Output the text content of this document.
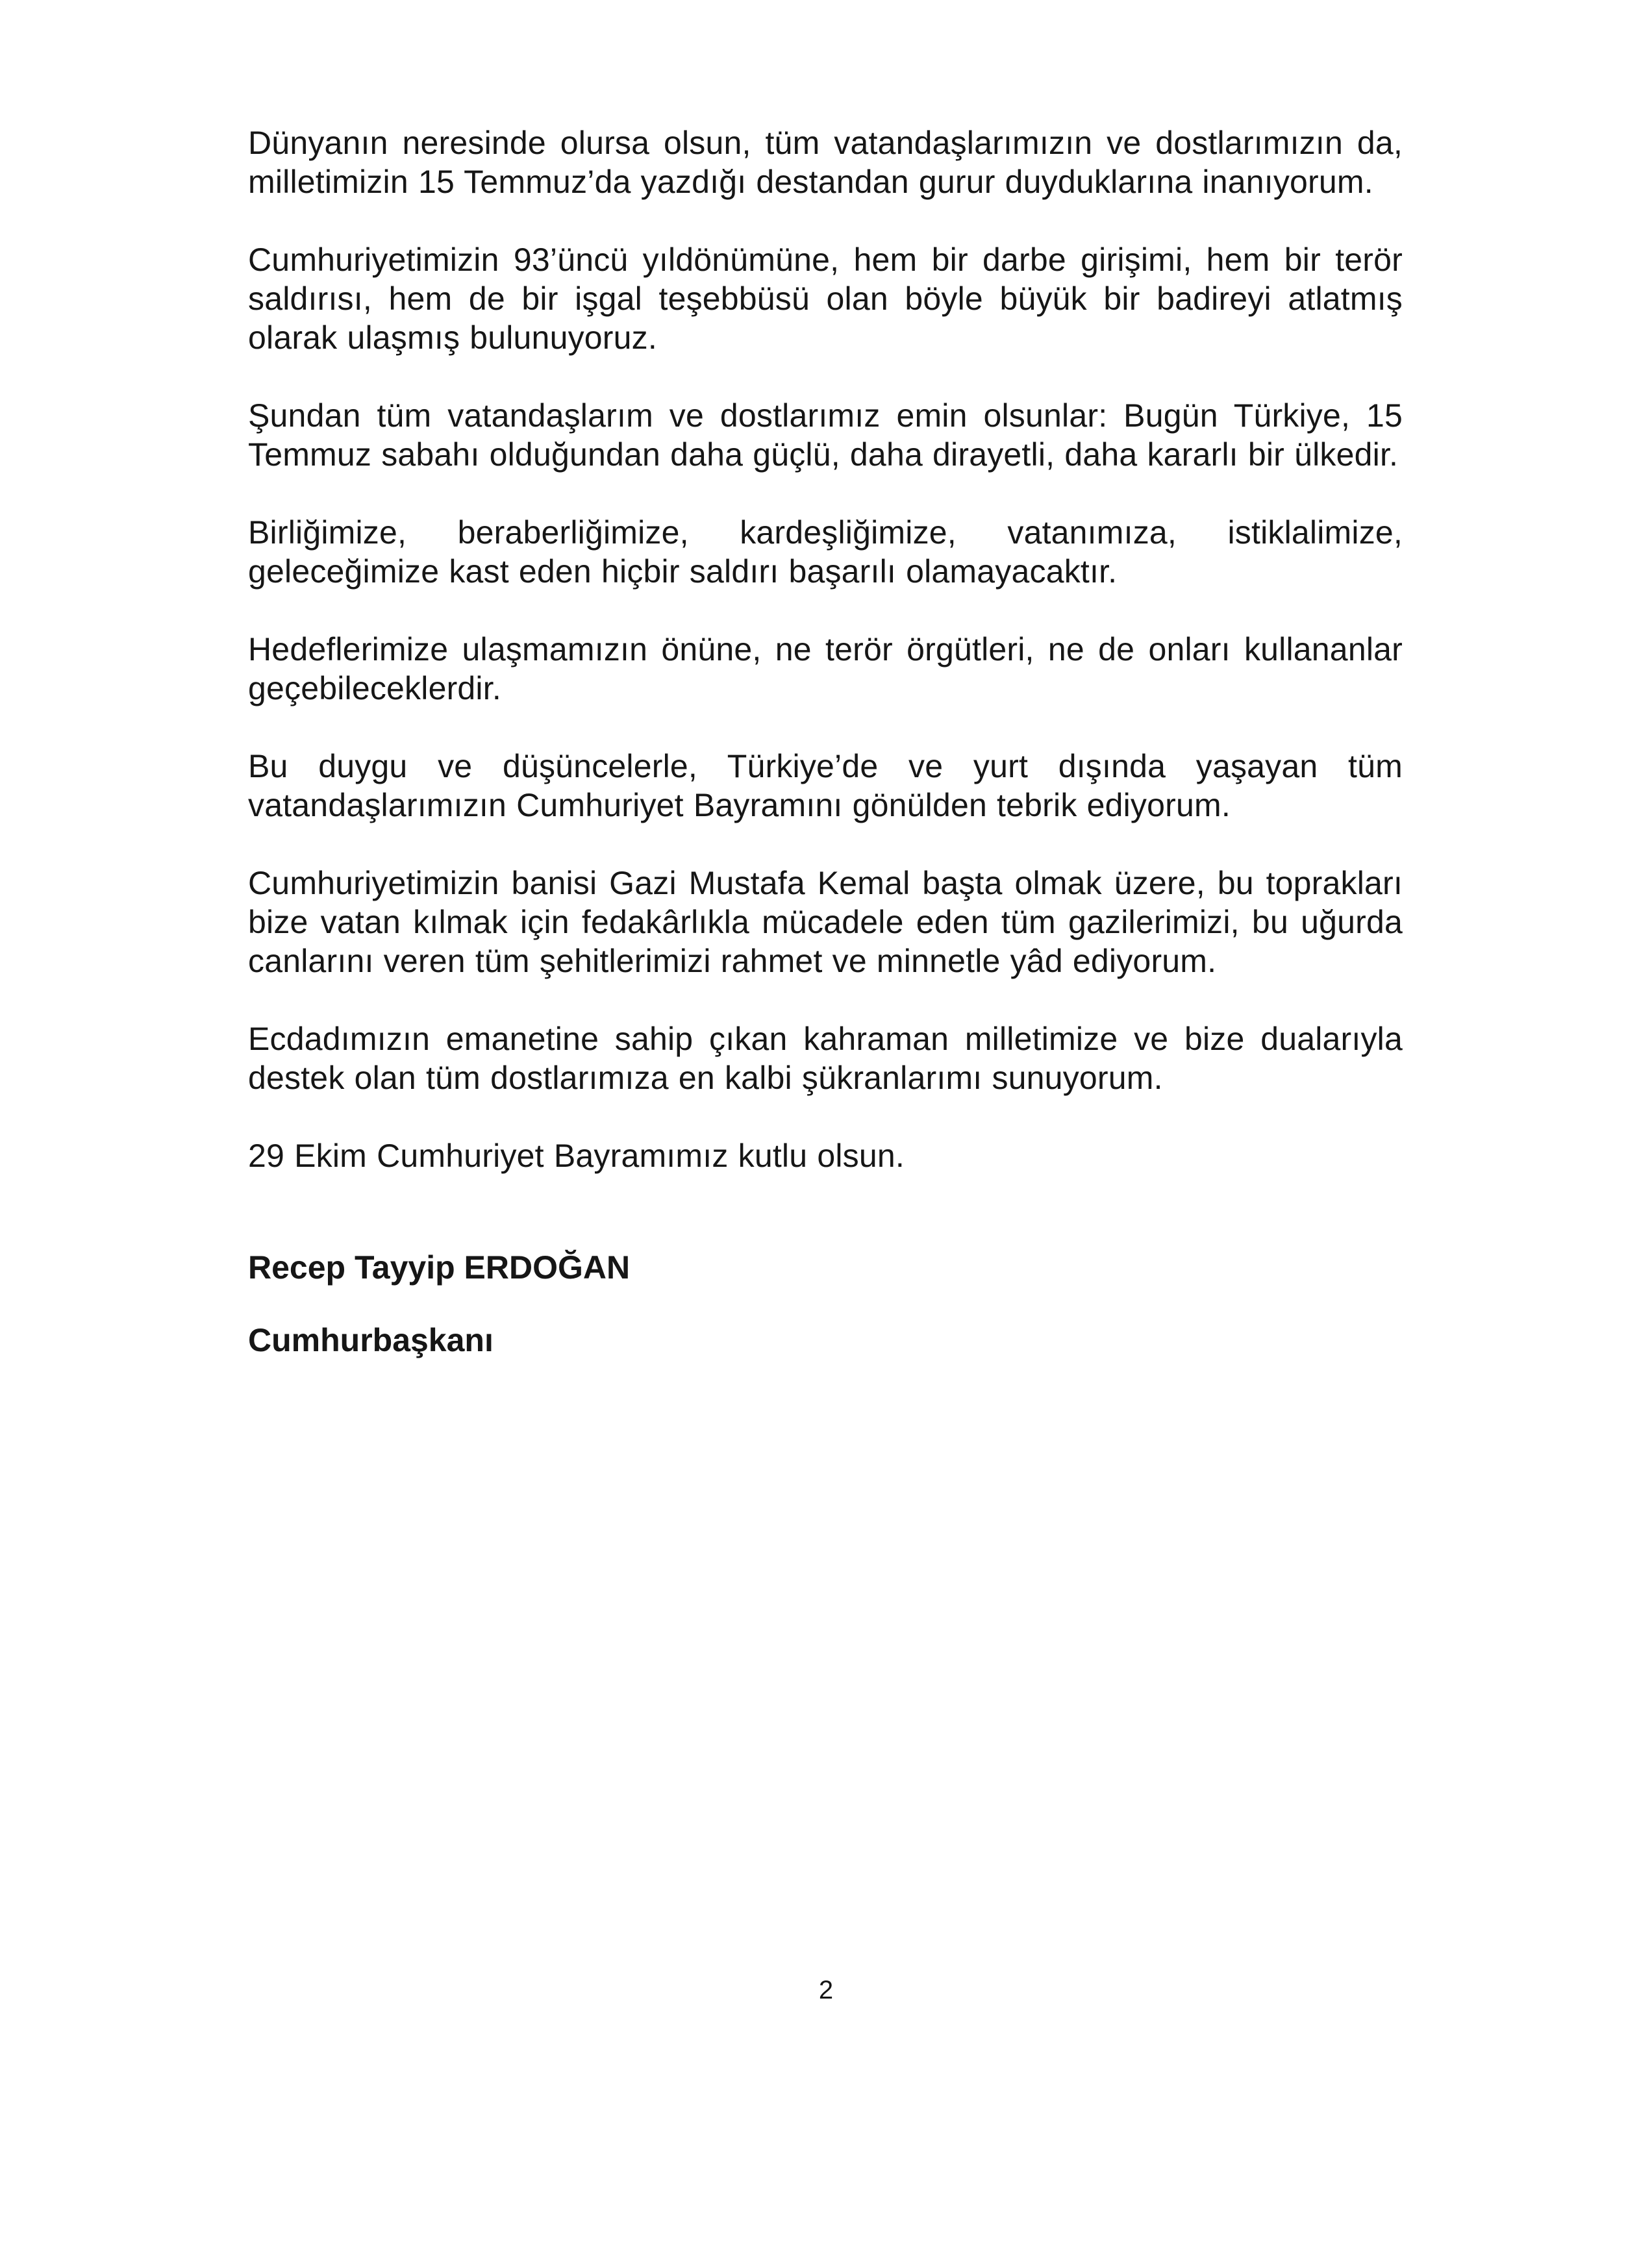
Dünyanın neresinde olursa olsun, tüm vatandaşlarımızın ve dostlarımızın da, milletimizin 15 Temmuz’da yazdığı destandan gurur duyduklarına inanıyorum.

Cumhuriyetimizin 93’üncü yıldönümüne, hem bir darbe girişimi, hem bir terör saldırısı, hem de bir işgal teşebbüsü olan böyle büyük bir badireyi atlatmış olarak ulaşmış bulunuyoruz.

Şundan tüm vatandaşlarım ve dostlarımız emin olsunlar: Bugün Türkiye, 15 Temmuz sabahı olduğundan daha güçlü, daha dirayetli, daha kararlı bir ülkedir.

Birliğimize, beraberliğimize, kardeşliğimize, vatanımıza, istiklalimize, geleceğimize kast eden hiçbir saldırı başarılı olamayacaktır.

Hedeflerimize ulaşmamızın önüne, ne terör örgütleri, ne de onları kullananlar geçebileceklerdir.

Bu duygu ve düşüncelerle, Türkiye’de ve yurt dışında yaşayan tüm vatandaşlarımızın Cumhuriyet Bayramını gönülden tebrik ediyorum.

Cumhuriyetimizin banisi Gazi Mustafa Kemal başta olmak üzere, bu toprakları bize vatan kılmak için fedakârlıkla mücadele eden tüm gazilerimizi, bu uğurda canlarını veren tüm şehitlerimizi rahmet ve minnetle yâd ediyorum.

Ecdadımızın emanetine sahip çıkan kahraman milletimize ve bize dualarıyla destek olan tüm dostlarımıza en kalbi şükranlarımı sunuyorum.

29 Ekim Cumhuriyet Bayramımız kutlu olsun.

Recep Tayyip ERDOĞAN

Cumhurbaşkanı

2
